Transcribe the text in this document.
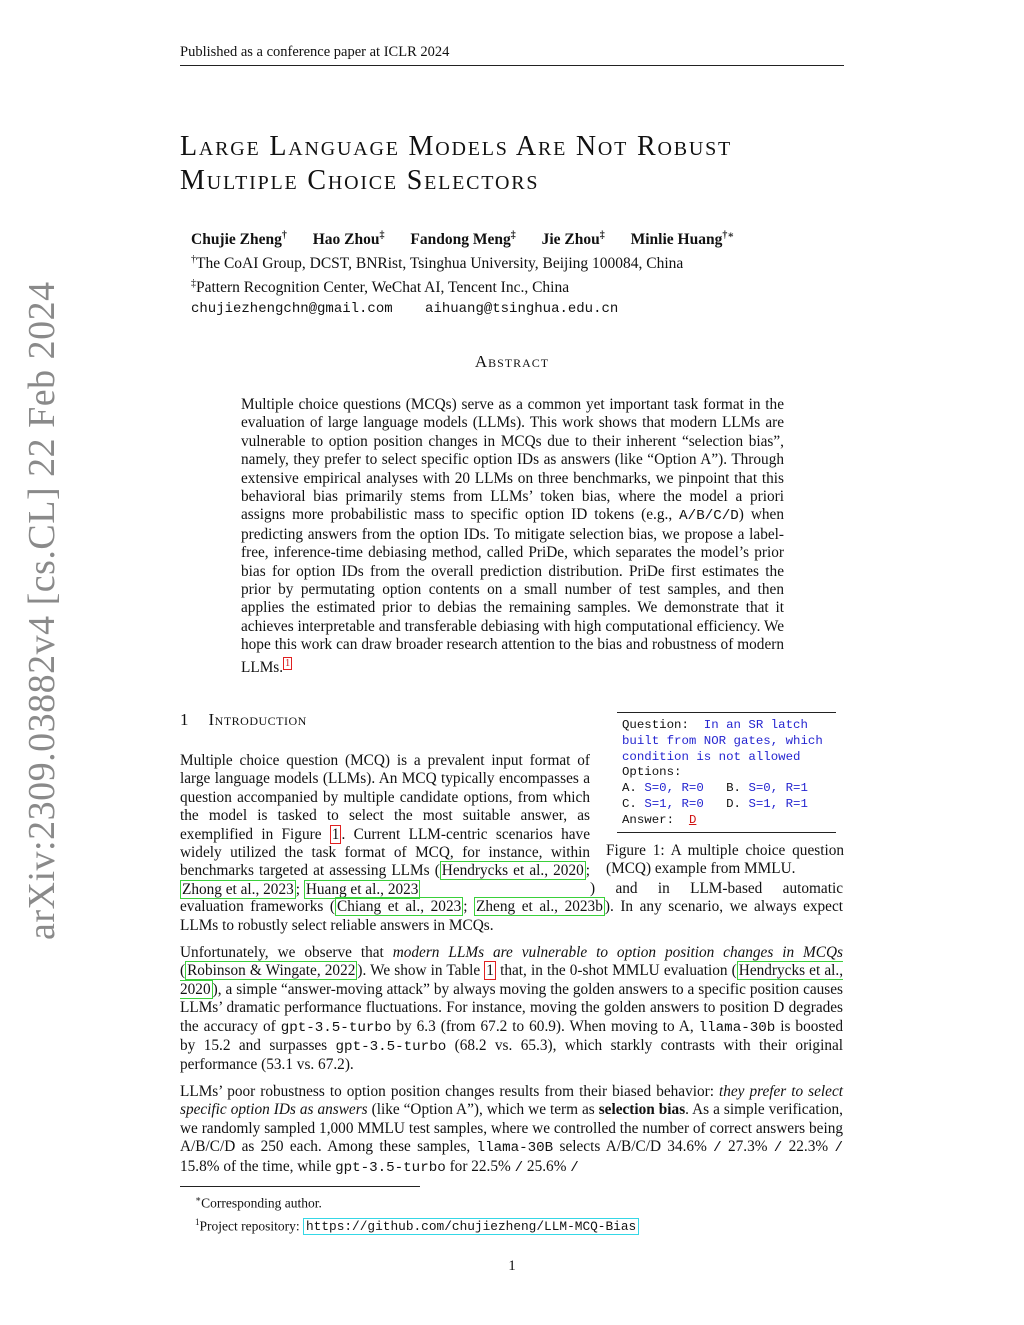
Published as a conference paper at ICLR 2024
arXiv:2309.03882v4 [cs.CL] 22 Feb 2024
Large Language Models Are Not Robust
Multiple Choice Selectors
Chujie Zheng† Hao Zhou‡ Fandong Meng‡ Jie Zhou‡ Minlie Huang†∗
†The CoAI Group, DCST, BNRist, Tsinghua University, Beijing 100084, China
‡Pattern Recognition Center, WeChat AI, Tencent Inc., China
chujiezhengchn@gmail.com aihuang@tsinghua.edu.cn
Abstract
Multiple choice questions (MCQs) serve as a common yet important task format in the evaluation of large language models (LLMs). This work shows that modern LLMs are vulnerable to option position changes in MCQs due to their inherent “selection bias”, namely, they prefer to select specific option IDs as answers (like “Option A”). Through extensive empirical analyses with 20 LLMs on three benchmarks, we pinpoint that this behavioral bias primarily stems from LLMs’ token bias, where the model a priori assigns more probabilistic mass to specific option ID tokens (e.g., A/B/C/D) when predicting answers from the option IDs. To mitigate selection bias, we propose a label-free, inference-time debiasing method, called PriDe, which separates the model’s prior bias for option IDs from the overall prediction distribution. PriDe first estimates the prior by permutating option contents on a small number of test samples, and then applies the estimated prior to debias the remaining samples. We demonstrate that it achieves interpretable and transferable debiasing with high computational efficiency. We hope this work can draw broader research attention to the bias and robustness of modern LLMs. $^1$
1 Introduction	Question: In an SR latch
built from NOR gates, which
condition is not allowed
Options:
A. S=0, R=0 B. S=0, R=1
C. S=1, R=0 D. S=1, R=1
Answer: D
Figure 1: A multiple choice question (MCQ) example from MMLU.
Multiple choice question (MCQ) is a prevalent input format of large language models (LLMs). An MCQ typically encompasses a question accompanied by multiple candidate options, from which the model is tasked to select the most suitable answer, as exemplified in Figure 1 . Current LLM-centric scenarios have widely utilized the task format of MCQ, for instance, within benchmarks targeted at assessing LLMs ( Hendrycks et al., 2020 ; Zhong et al., 2023 ; Huang et al., 2023	) and in LLM-based automatic evaluation frameworks ( Chiang et al., 2023 ; Zheng et al., 2023b ). In any scenario, we always expect LLMs to robustly select reliable answers in MCQs.
Unfortunately, we observe that modern LLMs are vulnerable to option position changes in MCQs ( Robinson & Wingate, 2022 ). We show in Table 1 that, in the 0-shot MMLU evaluation ( Hendrycks et al., 2020 ), a simple “answer-moving attack” by always moving the golden answers to a specific position causes LLMs’ dramatic performance fluctuations. For instance, moving the golden answers to position D degrades the accuracy of gpt-3.5-turbo by 6.3 (from 67.2 to 60.9). When moving to A, llama-30b is boosted by 15.2 and surpasses gpt-3.5-turbo (68.2 vs. 65.3), which starkly contrasts with their original performance (53.1 vs. 67.2).
LLMs’ poor robustness to option position changes results from their biased behavior: they prefer to select specific option IDs as answers (like “Option A”), which we term as selection bias. As a simple verification, we randomly sampled 1,000 MMLU test samples, where we controlled the number of correct answers being A/B/C/D as 250 each. Among these samples, llama-30B selects A/B/C/D 34.6% / 27.3% / 22.3% / 15.8% of the time, while gpt-3.5-turbo for 22.5% / 25.6% /
∗Corresponding author.
$^1$Project repository: https://github.com/chujiezheng/LLM-MCQ-Bias
1
